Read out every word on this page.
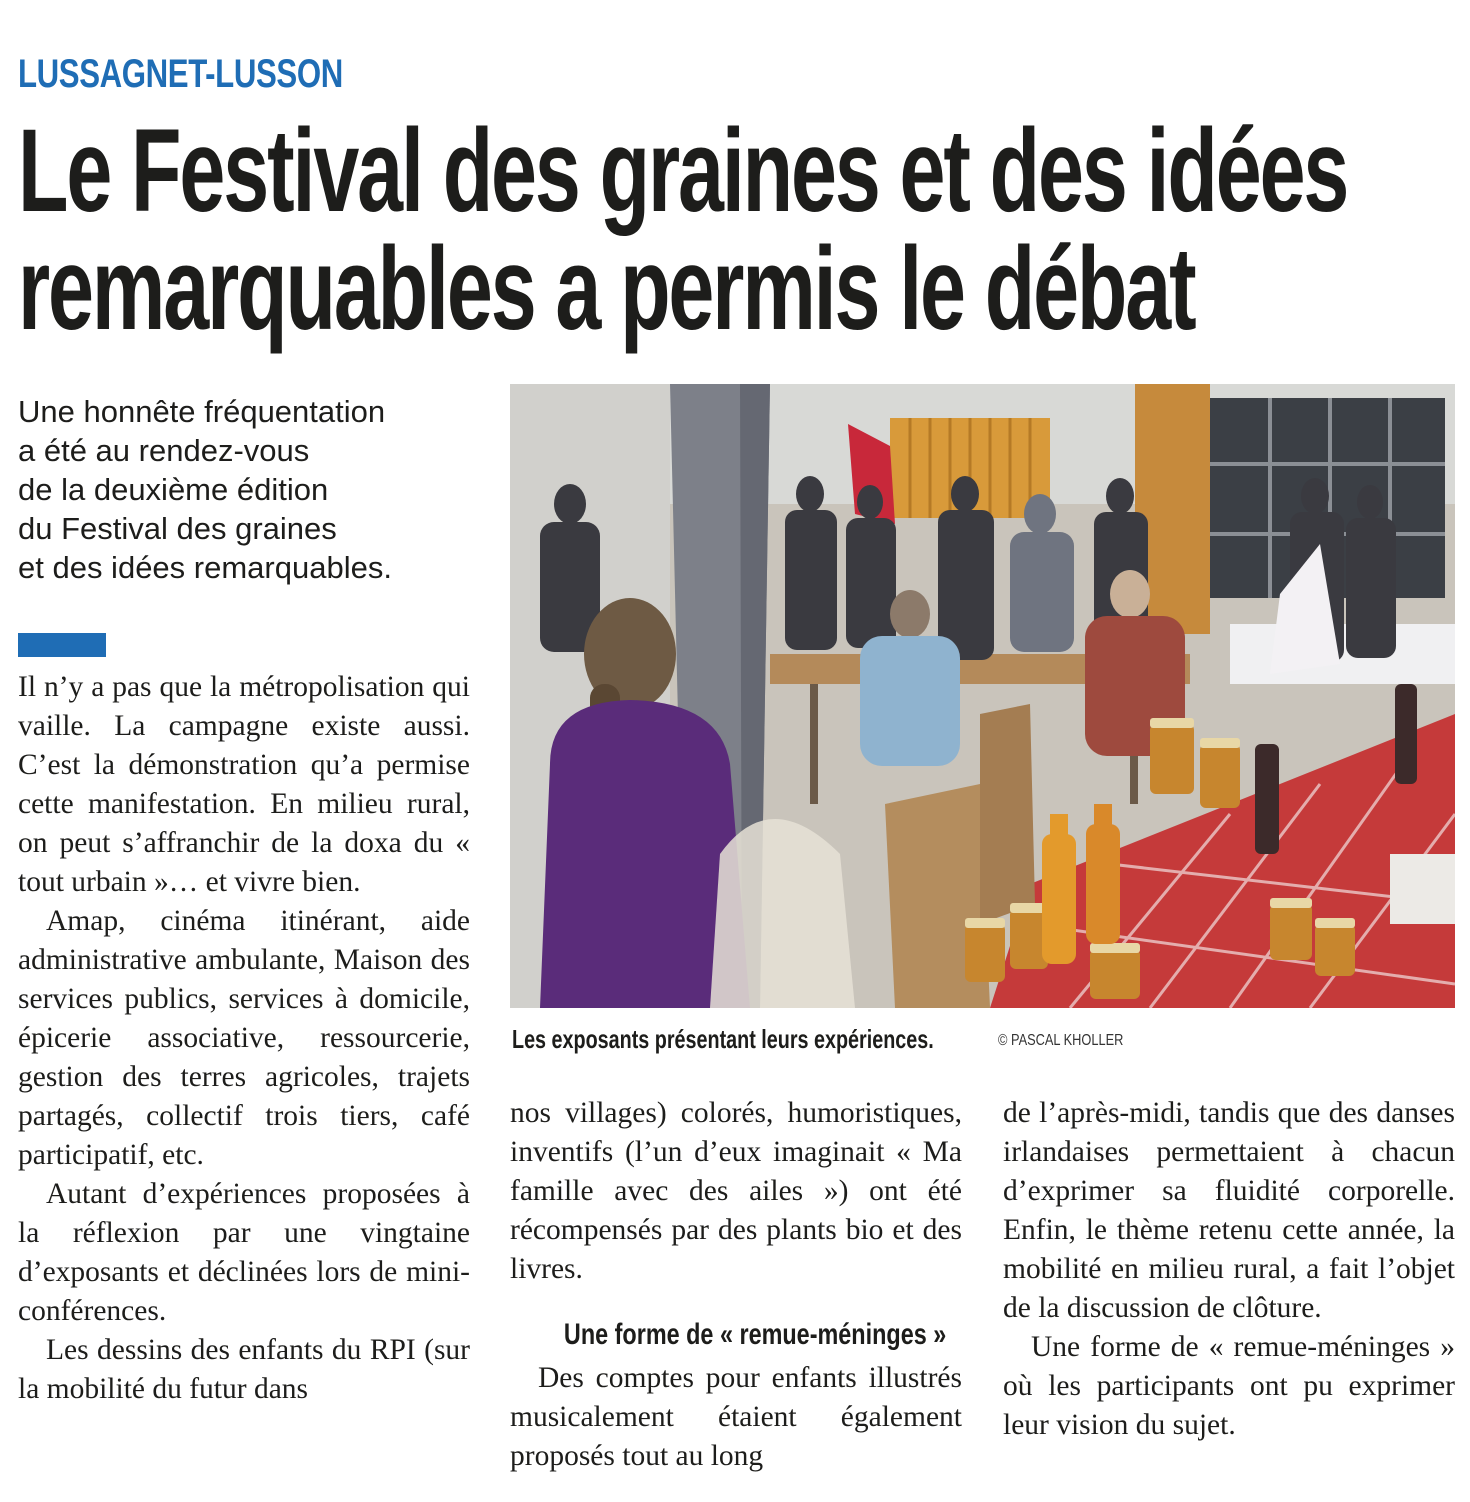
LUSSAGNET-LUSSON
Le Festival des graines et des idées
remarquables a permis le débat
Une honnête fréquentation
a été au rendez-vous
de la deuxième édition
du Festival des graines
et des idées remarquables.
Les exposants présentant leurs expériences.	© PASCAL KHOLLER

Il n’y a pas que la métropolisation qui vaille. La campagne existe aussi. C’est la démonstration qu’a permise cette manifestation. En milieu rural, on peut s’affranchir de la doxa du « tout urbain »… et vivre bien.

Amap, cinéma itinérant, aide administrative ambulante, Maison des services publics, services à domicile, épicerie associative, ressourcerie, gestion des terres agricoles, trajets partagés, collectif trois tiers, café participatif, etc.

Autant d’expériences proposées à la réflexion par une vingtaine d’exposants et déclinées lors de mini-conférences.

Les dessins des enfants du RPI (sur la mobilité du futur dans

nos villages) colorés, humoristiques, inventifs (l’un d’eux imaginait « Ma famille avec des ailes ») ont été récompensés par des plants bio et des livres.

Une forme de « remue-méninges »

Des comptes pour enfants illustrés musicalement étaient également proposés tout au long

de l’après-midi, tandis que des danses irlandaises permettaient à chacun d’exprimer sa fluidité corporelle. Enfin, le thème retenu cette année, la mobilité en milieu rural, a fait l’objet de la discussion de clôture.

Une forme de « remue-méninges » où les participants ont pu exprimer leur vision du sujet.
